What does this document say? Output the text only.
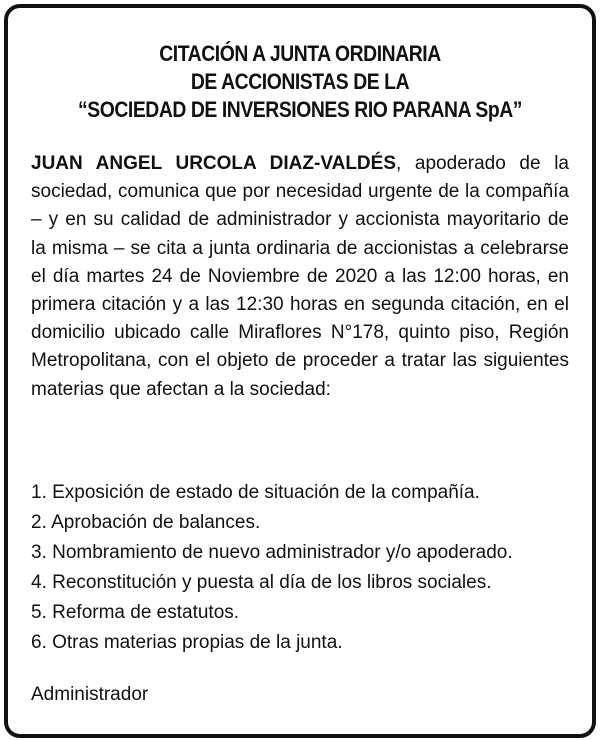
CITACIÓN A JUNTA ORDINARIA
DE ACCIONISTAS DE LA
“SOCIEDAD DE INVERSIONES RIO PARANA SpA”
JUAN ANGEL URCOLA DIAZ-VALDÉS, apoderado de la sociedad, comunica que por necesidad urgente de la compañía – y en su calidad de administrador y accionista mayoritario de la misma – se cita a junta ordinaria de accionistas a celebrarse el día martes 24 de Noviembre de 2020 a las 12:00 horas, en primera citación y a las 12:30 horas en segunda citación, en el domicilio ubicado calle Miraflores N°178, quinto piso, Región Metropolitana, con el objeto de proceder a tratar las siguientes materias que afectan a la sociedad:
1. Exposición de estado de situación de la compañía.
2. Aprobación de balances.
3. Nombramiento de nuevo administrador y/o apoderado.
4. Reconstitución y puesta al día de los libros sociales.
5. Reforma de estatutos.
6. Otras materias propias de la junta.
Administrador
